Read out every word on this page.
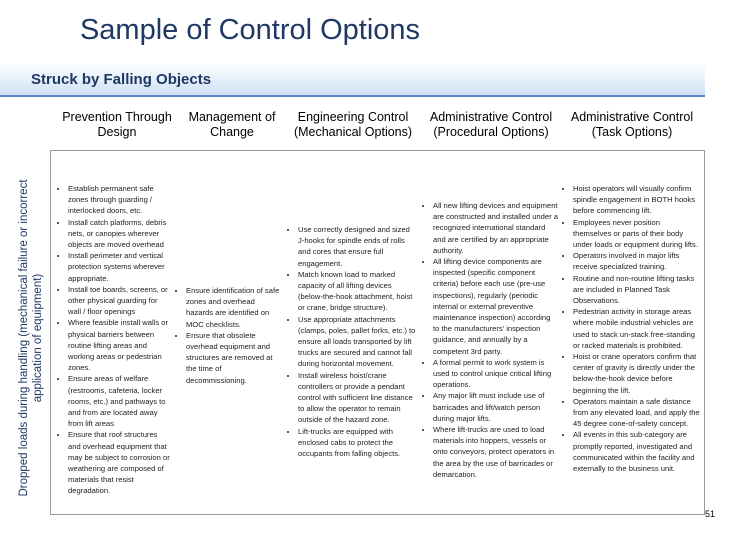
Sample of Control Options
Struck by Falling Objects
Dropped loads during handling (mechanical failure or incorrect application of equipment)
Prevention Through Design
Management of Change
Engineering Control (Mechanical Options)
Administrative Control (Procedural Options)
Administrative Control (Task Options)
• Establish permanent safe zones through guarding / interlocked doors, etc.
• Install catch platforms, debris nets, or canopies wherever objects are moved overhead
• Install perimeter and vertical protection systems wherever appropriate.
• Install toe boards, screens, or other physical guarding for wall / floor openings
• Where feasible install walls or physical barriers between routine lifting areas and working areas or pedestrian zones.
• Ensure areas of welfare (restrooms, cafeteria, locker rooms, etc.) and pathways to and from are located away from lift areas
• Ensure that roof structures and overhead equipment that may be subject to corrosion or weathering are composed of materials that resist degradation.
• Ensure identification of safe zones and overhead hazards are identified on MOC checklists.
• Ensure that obsolete overhead equipment and structures are removed at the time of decommissioning.
• Use correctly designed and sized J-hooks for spindle ends of rolls and cores that ensure full engagement.
• Match known load to marked capacity of all lifting devices (below-the-hook attachment, hoist or crane, bridge structure).
• Use appropriate attachments (clamps, poles, pallet forks, etc.) to ensure all loads transported by lift trucks are secured and cannot fall during horizontal movement.
• Install wireless hoist/crane controllers or provide a pendant control with sufficient line distance to allow the operator to remain outside of the hazard zone.
• Lift-trucks are equipped with enclosed cabs to protect the occupants from falling objects.
• All new lifting devices and equipment are constructed and installed under a recognized international standard and are certified by an appropriate authority.
• All lifting device components are inspected (specific component criteria) before each use (pre-use inspections), regularly (periodic internal or external preventive maintenance inspection) according to the manufacturers' inspection guidance, and annually by a competent 3rd party.
• A formal permit to work system is used to control unique critical lifting operations.
• Any major lift must include use of barricades and lift/watch person during major lifts.
• Where lift-trucks are used to load materials into hoppers, vessels or onto conveyors, protect operators in the area by the use of barricades or demarcation.
• Hoist operators will visually confirm spindle engagement in BOTH hooks before commencing lift.
• Employees never position themselves or parts of their body under loads or equipment during lifts.
• Operators involved in major lifts receive specialized training.
• Routine and non-routine lifting tasks are included in Planned Task Observations.
• Pedestrian activity in storage areas where mobile industrial vehicles are used to stack un-stack free-standing or racked materials is prohibited.
• Hoist or crane operators confirm that center of gravity is directly under the below-the-hook device before beginning the lift.
• Operators maintain a safe distance from any elevated load, and apply the 45 degree cone-of-safety concept.
• All events in this sub-category are promptly reported, investigated and communicated within the facility and externally to the business unit.
51
